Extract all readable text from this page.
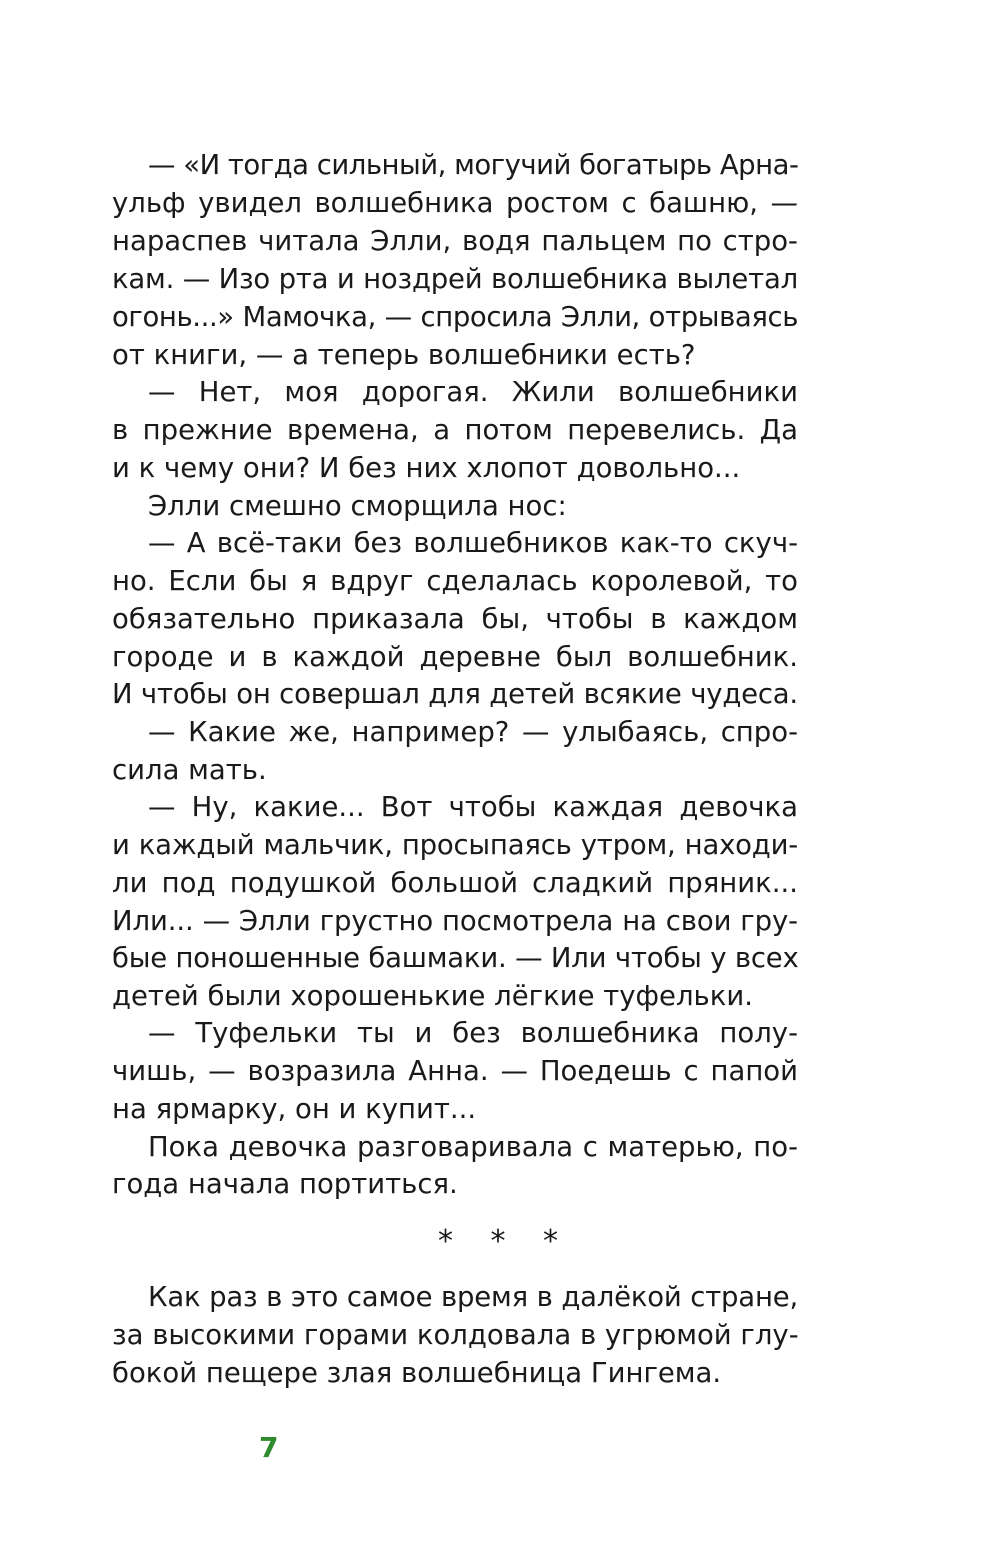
— «И тогда сильный, могучий богатырь Арна-

ульф увидел волшебника ростом с башню, —

нараспев читала Элли, водя пальцем по стро-

кам. — Изо рта и ноздрей волшебника вылетал

огонь...» Мамочка, — спросила Элли, отрываясь

от книги, — а теперь волшебники есть?

— Нет, моя дорогая. Жили волшебники

в прежние времена, а потом перевелись. Да

и к чему они? И без них хлопот довольно...

Элли смешно сморщила нос:

— А всё-таки без волшебников как-то скуч-

но. Если бы я вдруг сделалась королевой, то

обязательно приказала бы, чтобы в каждом

городе и в каждой деревне был волшебник.

И чтобы он совершал для детей всякие чудеса.

— Какие же, например? — улыбаясь, спро-

сила мать.

— Ну, какие... Вот чтобы каждая девочка

и каждый мальчик, просыпаясь утром, находи-

ли под подушкой большой сладкий пряник...

Или... — Элли грустно посмотрела на свои гру-

бые поношенные башмаки. — Или чтобы у всех

детей были хорошенькие лёгкие туфельки.

— Туфельки ты и без волшебника полу-

чишь, — возразила Анна. — Поедешь с папой

на ярмарку, он и купит...

Пока девочка разговаривала с матерью, по-

года начала портиться.

* * *

Как раз в это самое время в далёкой стране,

за высокими горами колдовала в угрюмой глу-

бокой пещере злая волшебница Гингема.

7
